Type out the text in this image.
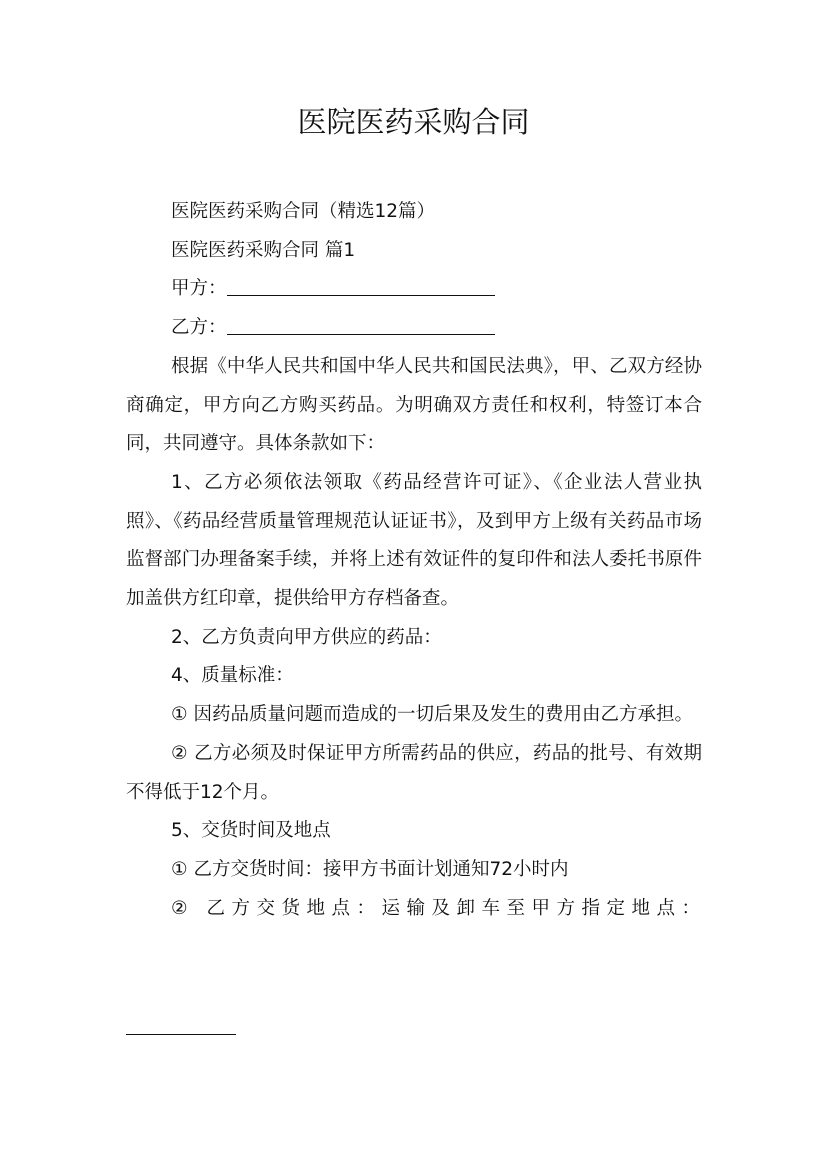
医院医药采购合同

医院医药采购合同（精选12篇）

医院医药采购合同 篇1

甲方：

乙方：

根据《中华人民共和国中华人民共和国民法典》，甲、乙双方经协商确定，甲方向乙方购买药品。为明确双方责任和权利，特签订本合同，共同遵守。具体条款如下：

1、乙方必须依法领取《药品经营许可证》、《企业法人营业执照》、《药品经营质量管理规范认证证书》，及到甲方上级有关药品市场监督部门办理备案手续，并将上述有效证件的复印件和法人委托书原件加盖供方红印章，提供给甲方存档备查。

2、乙方负责向甲方供应的药品：

4、质量标准：

① 因药品质量问题而造成的一切后果及发生的费用由乙方承担。

② 乙方必须及时保证甲方所需药品的供应，药品的批号、有效期不得低于12个月。

5、交货时间及地点

① 乙方交货时间：接甲方书面计划通知72小时内

② 乙方交货地点：运输及卸车至甲方指定地点：
